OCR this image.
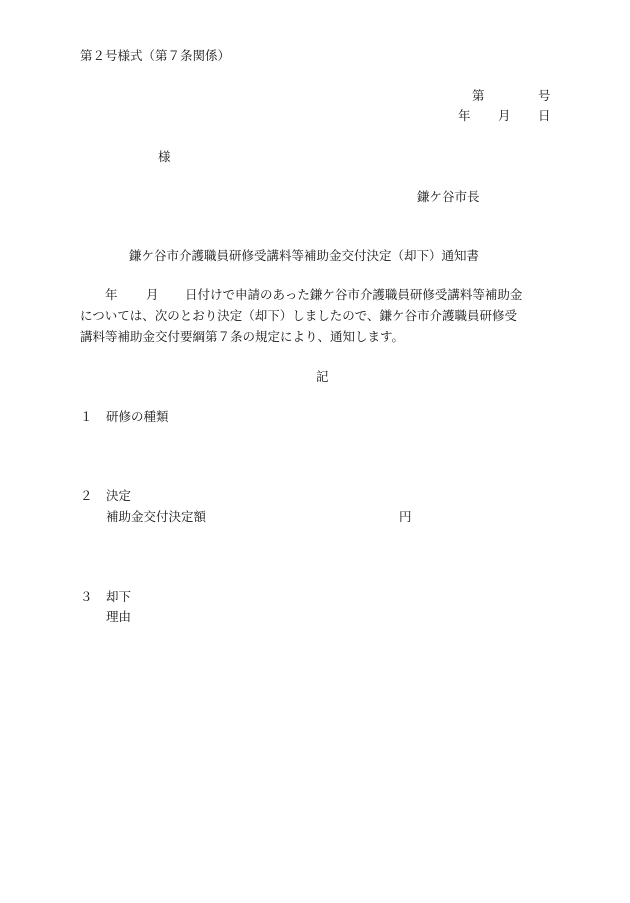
第２号様式（第７条関係）
第	号
年 月 日
様
鎌ケ谷市長
鎌ケ谷市介護職員研修受講料等補助金交付決定（却下）通知書
年 月 日付けで申請のあった鎌ケ谷市介護職員研修受講料等補助金
については、次のとおり決定（却下）しましたので、鎌ケ谷市介護職員研修受
講料等補助金交付要綱第７条の規定により、通知します。
記
１ 研修の種類
２ 決定
補助金交付決定額	円
３ 却下
理由
